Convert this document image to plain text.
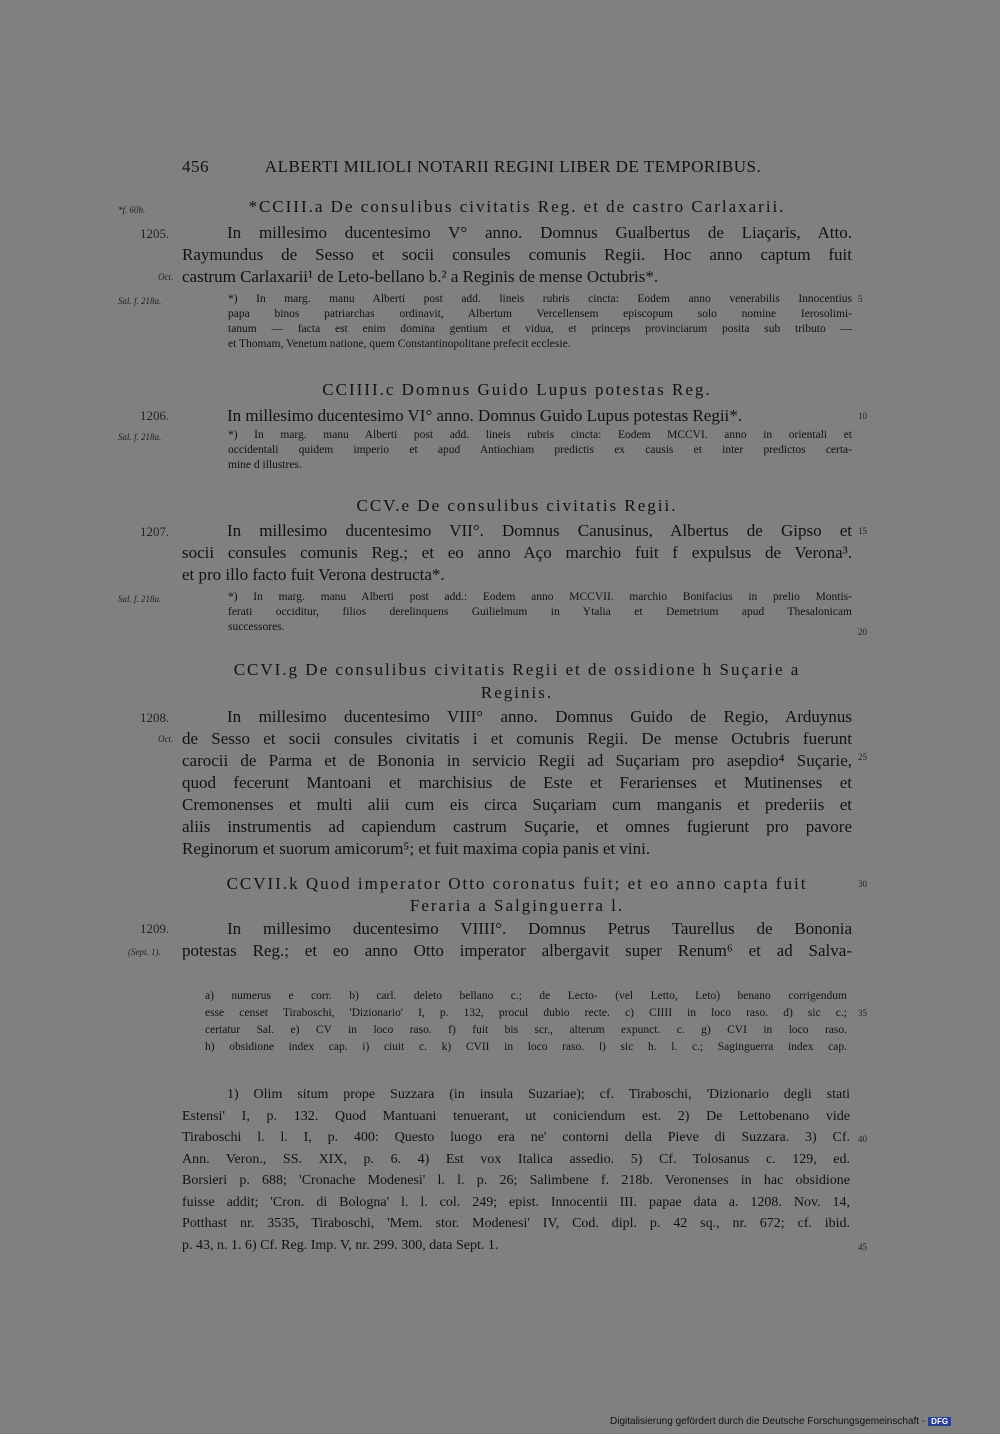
456	ALBERTI MILIOLI NOTARII REGINI LIBER DE TEMPORIBUS.
*f. 60b.
1205.
Oct.
Sal. f. 218a.
1206.
Sal. f. 218a.
1207.
Sal. f. 218a.
1208.
Oct.
1209.
(Sept. 1).
5
10
15
20
25
30
35
40
45
*CCIII.a De consulibus civitatis Reg. et de castro Carlaxarii.
In millesimo ducentesimo V° anno. Domnus Gualbertus de Liaçaris, Atto.
Raymundus de Sesso et socii consules comunis Regii. Hoc anno captum fuit
castrum Carlaxarii¹ de Leto-bellano b.² a Reginis de mense Octubris*.
*) In marg. manu Alberti post add. lineis rubris cincta: Eodem anno venerabilis Innocentius
papa binos patriarchas ordinavit, Albertum Vercellensem episcopum solo nomine Ierosolimi-
tanum — facta est enim domina gentium et vidua, et princeps provinciarum posita sub tributo —
et Thomam, Venetum natione, quem Constantinopolitane prefecit ecclesie.
CCIIII.c Domnus Guido Lupus potestas Reg.
In millesimo ducentesimo VI° anno. Domnus Guido Lupus potestas Regii*.
*) In marg. manu Alberti post add. lineis rubris cincta: Eodem MCCVI. anno in orientali et
occidentali quidem imperio et apud Antiochiam predictis ex causis et inter predictos certa-
mine d illustres.
CCV.e De consulibus civitatis Regii.
In millesimo ducentesimo VII°. Domnus Canusinus, Albertus de Gipso et
socii consules comunis Reg.; et eo anno Aço marchio fuit f expulsus de Verona³.
et pro illo facto fuit Verona destructa*.
*) In marg. manu Alberti post add.: Eodem anno MCCVII. marchio Bonifacius in prelio Montis-
ferati occiditur, filios derelinquens Guilielmum in Ytalia et Demetrium apud Thesalonicam
successores.
CCVI.g De consulibus civitatis Regii et de ossidione h Suçarie a
Reginis.
In millesimo ducentesimo VIII° anno. Domnus Guido de Regio, Arduynus
de Sesso et socii consules civitatis i et comunis Regii. De mense Octubris fuerunt
carocii de Parma et de Bononia in servicio Regii ad Suçariam pro asepdio⁴ Suçarie,
quod fecerunt Mantoani et marchisius de Este et Ferarienses et Mutinenses et
Cremonenses et multi alii cum eis circa Suçariam cum manganis et prederiis et
aliis instrumentis ad capiendum castrum Suçarie, et omnes fugierunt pro pavore
Reginorum et suorum amicorum⁵; et fuit maxima copia panis et vini.
CCVII.k Quod imperator Otto coronatus fuit; et eo anno capta fuit
Feraria a Salginguerra l.
In millesimo ducentesimo VIIII°. Domnus Petrus Taurellus de Bononia
potestas Reg.; et eo anno Otto imperator albergavit super Renum⁶ et ad Salva-
a) numerus e corr. b) carl. deleto bellano c.; de Lecto- (vel Letto, Leto) benano corrigendum
esse censet Tiraboschi, 'Dizionario' I, p. 132, procul dubio recte. c) CIIII in loco raso. d) sic c.;
certatur Sal. e) CV in loco raso. f) fuit bis scr., alterum expunct. c. g) CVI in loco raso.
h) obsidione index cap. i) ciuit c. k) CVII in loco raso. l) sic h. l. c.; Saginguerra index cap.
1) Olim situm prope Suzzara (in insula Suzariae); cf. Tiraboschi, 'Dizionario degli stati
Estensi' I, p. 132. Quod Mantuani tenuerant, ut coniciendum est. 2) De Lettobenano vide
Tiraboschi l. l. I, p. 400: Questo luogo era ne' contorni della Pieve di Suzzara. 3) Cf.
Ann. Veron., SS. XIX, p. 6. 4) Est vox Italica assedio. 5) Cf. Tolosanus c. 129, ed.
Borsieri p. 688; 'Cronache Modenesi' l. l. p. 26; Salimbene f. 218b. Veronenses in hac obsidione
fuisse addit; 'Cron. di Bologna' l. l. col. 249; epist. Innocentii III. papae data a. 1208. Nov. 14,
Potthast nr. 3535, Tiraboschi, 'Mem. stor. Modenesi' IV, Cod. dipl. p. 42 sq., nr. 672; cf. ibid.
p. 43, n. 1. 6) Cf. Reg. Imp. V, nr. 299. 300, data Sept. 1.
Digitalisierung gefördert durch die Deutsche Forschungsgemeinschaft - DFG
